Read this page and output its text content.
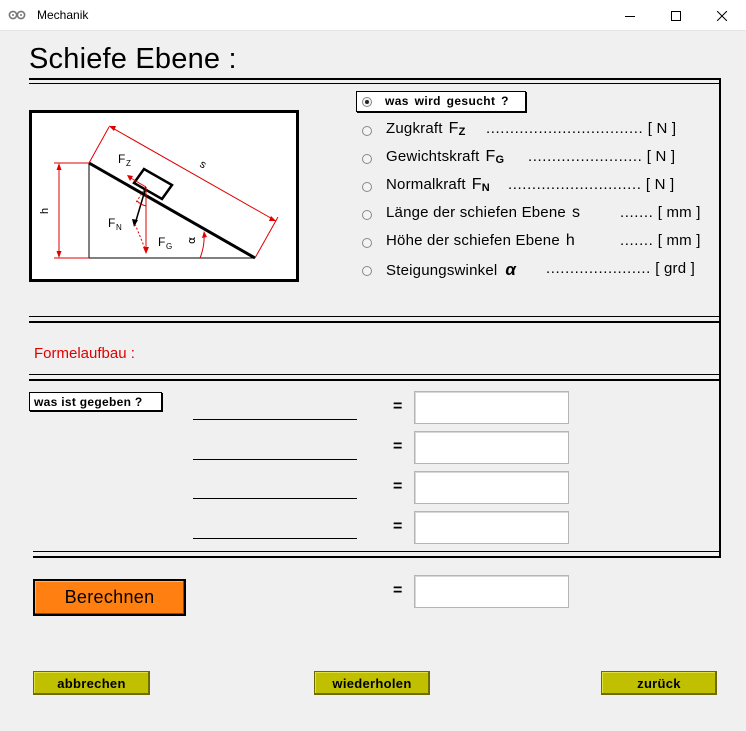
Mechanik
Schiefe Ebene :
s
h
F Z
F N
F G
α
was wird gesucht ?
Zugkraft $F_Z$ ................................. [ N ]
Gewichtskraft $F_G$ ........................ [ N ]
Normalkraft $F_N$ ............................ [ N ]
Länge der schiefen Ebene s	....... [ mm ]
Höhe der schiefen Ebene h	....... [ mm ]
Steigungswinkel α ...................... [ grd ]
Formelaufbau :
was ist gegeben ?	=
=
=
=
Berechnen	=
abbrechen	wiederholen	zurück
